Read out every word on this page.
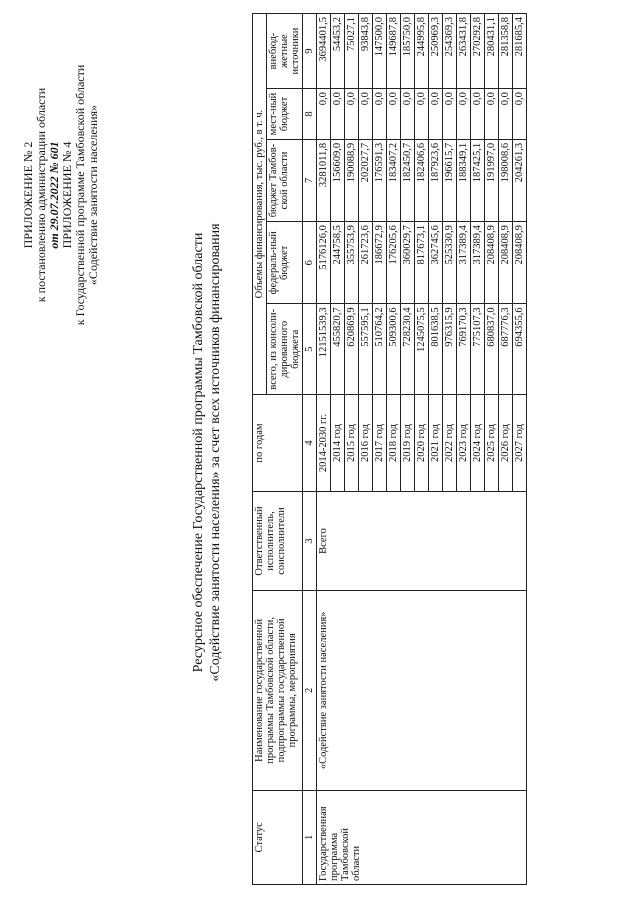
ПРИЛОЖЕНИЕ № 2 к постановлению администрации области от 29.07.2022 № 601 ПРИЛОЖЕНИЕ № 4 к Государственной программе Тамбовской области «Содействие занятости населения»
Ресурсное обеспечение Государственной программы Тамбовской области «Содействие занятости населения» за счет всех источников финансирования
Статус	Наименование государственной программы Тамбовской области, подпрограммы государственной программы, мероприятия	Ответственный исполнитель, соисполнители	по годам	Объемы финансирования, тыс. руб., в т. ч.				
				всего, из консоли-дированного бюджета	федераль-ный бюджет	бюджет Тамбов-ской области	мест-ный бюджет	внебюд-жетные источники
1	2	3	4	5	6	7	8	9
Государственная программа Тамбовской области	«Содействие занятости населения»	Всего	2014-2030 гг.	12151539,3	5176126,0	3281011,8	0,0	3694401,5
			2014 год	455820,7	244758,5	156609,0	0,0	54453,2
			2015 год	620869,9	355753,9	190088,9	0,0	75027,1
			2016 год	557595,1	261723,6	202027,7	0,0	93843,8
			2017 год	510764,2	186672,9	176591,3	0,0	147500,0
			2018 год	509300,6	176205,6	183407,2	0,0	149687,8
			2019 год	728230,4	360029,7	182450,7	0,0	185750,0
			2020 год	1245075,5	817673,1	182406,6	0,0	244995,8
			2021 год	801638,5	362745,6	187923,6	0,0	250969,3
			2022 год	976315,9	525330,9	196615,7	0,0	254369,3
			2023 год	769170,3	317389,4	188349,1	0,0	263431,8
			2024 год	775107,3	317389,4	187425,1	0,0	270292,8
			2025 год	680837,0	208408,9	191997,0	0,0	280431,1
			2026 год	687776,3	208408,9	198008,6	0,0	281358,8
			2027 год	694355,6	208408,9	204261,3	0,0	281685,4
